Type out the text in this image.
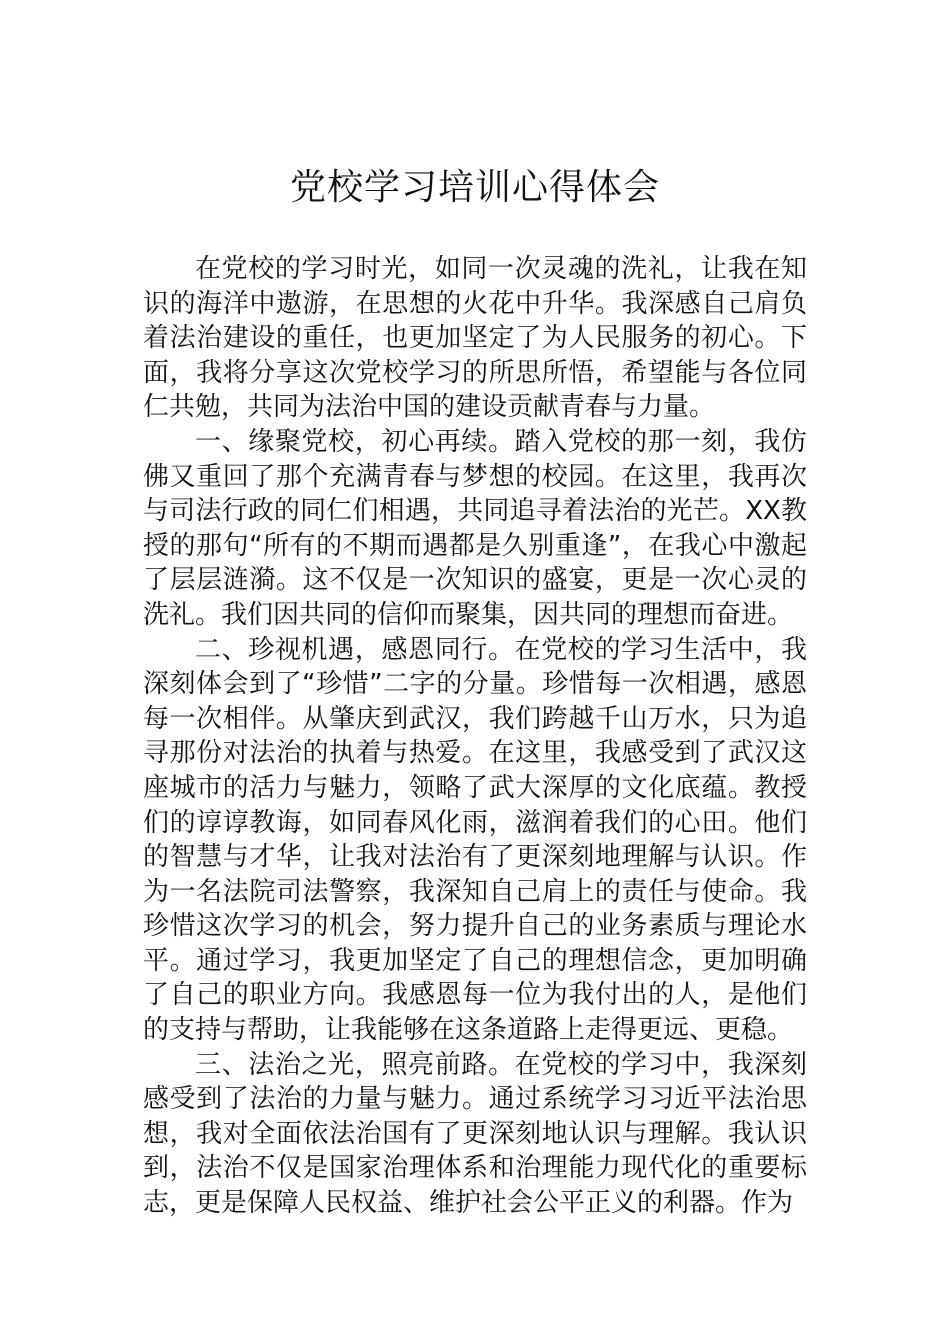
党校学习培训心得体会

在党校的学习时光，如同一次灵魂的洗礼，让我在知识的海洋中遨游，在思想的火花中升华。我深感自己肩负着法治建设的重任，也更加坚定了为人民服务的初心。下面，我将分享这次党校学习的所思所悟，希望能与各位同仁共勉，共同为法治中国的建设贡献青春与力量。

一、缘聚党校，初心再续。踏入党校的那一刻，我仿佛又重回了那个充满青春与梦想的校园。在这里，我再次与司法行政的同仁们相遇，共同追寻着法治的光芒。XX教授的那句“所有的不期而遇都是久别重逢”，在我心中激起了层层涟漪。这不仅是一次知识的盛宴，更是一次心灵的洗礼。我们因共同的信仰而聚集，因共同的理想而奋进。

二、珍视机遇，感恩同行。在党校的学习生活中，我深刻体会到了“珍惜”二字的分量。珍惜每一次相遇，感恩每一次相伴。从肇庆到武汉，我们跨越千山万水，只为追寻那份对法治的执着与热爱。在这里，我感受到了武汉这座城市的活力与魅力，领略了武大深厚的文化底蕴。教授们的谆谆教诲，如同春风化雨，滋润着我们的心田。他们的智慧与才华，让我对法治有了更深刻地理解与认识。作为一名法院司法警察，我深知自己肩上的责任与使命。我珍惜这次学习的机会，努力提升自己的业务素质与理论水平。通过学习，我更加坚定了自己的理想信念，更加明确了自己的职业方向。我感恩每一位为我付出的人，是他们的支持与帮助，让我能够在这条道路上走得更远、更稳。

三、法治之光，照亮前路。在党校的学习中，我深刻感受到了法治的力量与魅力。通过系统学习习近平法治思想，我对全面依法治国有了更深刻地认识与理解。我认识到，法治不仅是国家治理体系和治理能力现代化的重要标志，更是保障人民权益、维护社会公平正义的利器。作为
